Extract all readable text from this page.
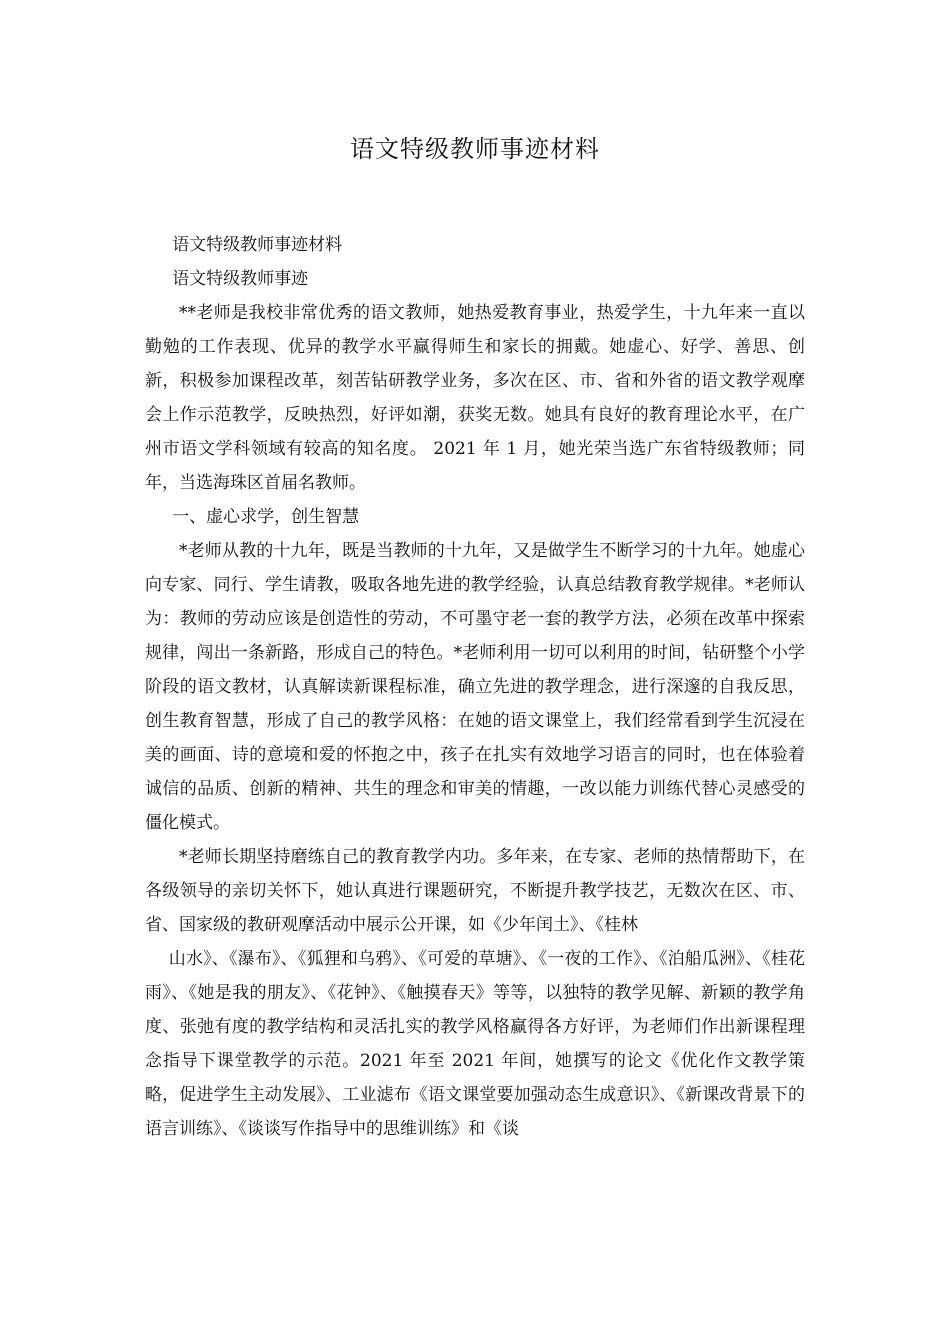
语文特级教师事迹材料

语文特级教师事迹材料

语文特级教师事迹

**老师是我校非常优秀的语文教师，她热爱教育事业，热爱学生，十九年来一直以勤勉的工作表现、优异的教学水平赢得师生和家长的拥戴。她虚心、好学、善思、创新，积极参加课程改革，刻苦钻研教学业务，多次在区、市、省和外省的语文教学观摩会上作示范教学，反映热烈，好评如潮，获奖无数。她具有良好的教育理论水平，在广州市语文学科领域有较高的知名度。 2021 年 1 月，她光荣当选广东省特级教师；同年，当选海珠区首届名教师。

一、虚心求学，创生智慧

*老师从教的十九年，既是当教师的十九年，又是做学生不断学习的十九年。她虚心向专家、同行、学生请教，吸取各地先进的教学经验，认真总结教育教学规律。*老师认为：教师的劳动应该是创造性的劳动，不可墨守老一套的教学方法，必须在改革中探索规律，闯出一条新路，形成自己的特色。*老师利用一切可以利用的时间，钻研整个小学阶段的语文教材，认真解读新课程标准，确立先进的教学理念，进行深邃的自我反思，创生教育智慧，形成了自己的教学风格：在她的语文课堂上，我们经常看到学生沉浸在美的画面、诗的意境和爱的怀抱之中，孩子在扎实有效地学习语言的同时，也在体验着诚信的品质、创新的精神、共生的理念和审美的情趣，一改以能力训练代替心灵感受的僵化模式。

*老师长期坚持磨练自己的教育教学内功。多年来，在专家、老师的热情帮助下，在各级领导的亲切关怀下，她认真进行课题研究，不断提升教学技艺，无数次在区、市、省、国家级的教研观摩活动中展示公开课，如《少年闰土》、《桂林

山水》、《瀑布》、《狐狸和乌鸦》、《可爱的草塘》、《一夜的工作》、《泊船瓜洲》、《桂花雨》、《她是我的朋友》、《花钟》、《触摸春天》等等，以独特的教学见解、新颖的教学角度、张弛有度的教学结构和灵活扎实的教学风格赢得各方好评，为老师们作出新课程理念指导下课堂教学的示范。2021 年至 2021 年间，她撰写的论文《优化作文教学策略，促进学生主动发展》、工业滤布《语文课堂要加强动态生成意识》、《新课改背景下的语言训练》、《谈谈写作指导中的思维训练》和《谈
